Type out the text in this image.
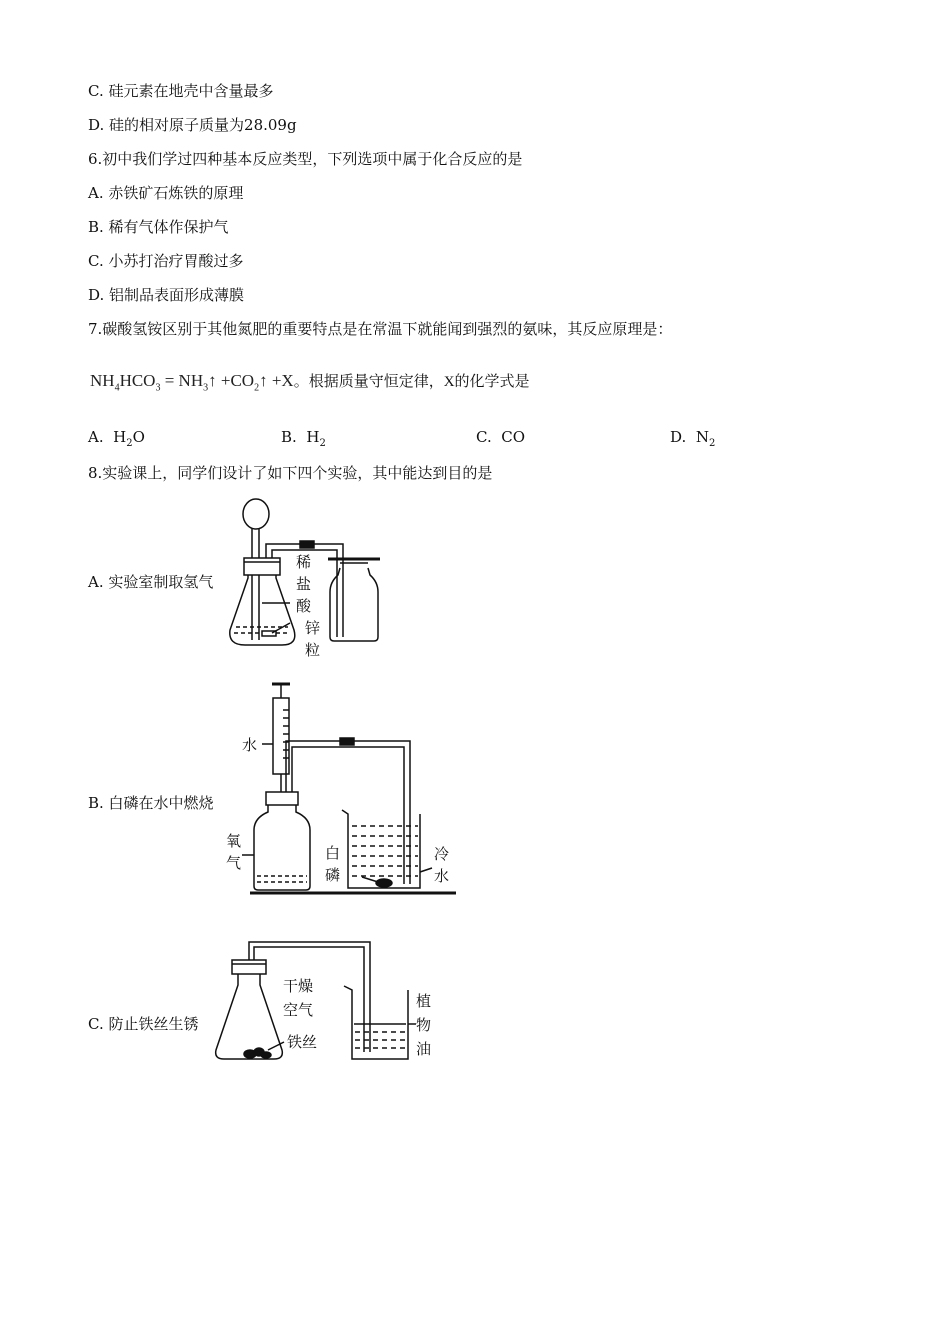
C. 硅元素在地壳中含量最多
D. 硅的相对原子质量为28.09g
6.初中我们学过四种基本反应类型，下列选项中属于化合反应的是
A. 赤铁矿石炼铁的原理
B. 稀有气体作保护气
C. 小苏打治疗胃酸过多
D. 铝制品表面形成薄膜
7.碳酸氢铵区别于其他氮肥的重要特点是在常温下就能闻到强烈的氨味，其反应原理是：
$NH_4HCO_3$ = $NH_3↑$ $+CO_2↑ +X$。根据质量守恒定律，X的化学式是
A. $H_2O$	B. $H_2$	C. CO	D. $N_2$
8.实验课上，同学们设计了如下四个实验，其中能达到目的是
A. 实验室制取氢气
B. 白磷在水中燃烧
C. 防止铁丝生锈
稀
盐
酸
锌
粒
水
氧
气
白
磷
冷
水
干燥
空气
铁丝
植
物
油
